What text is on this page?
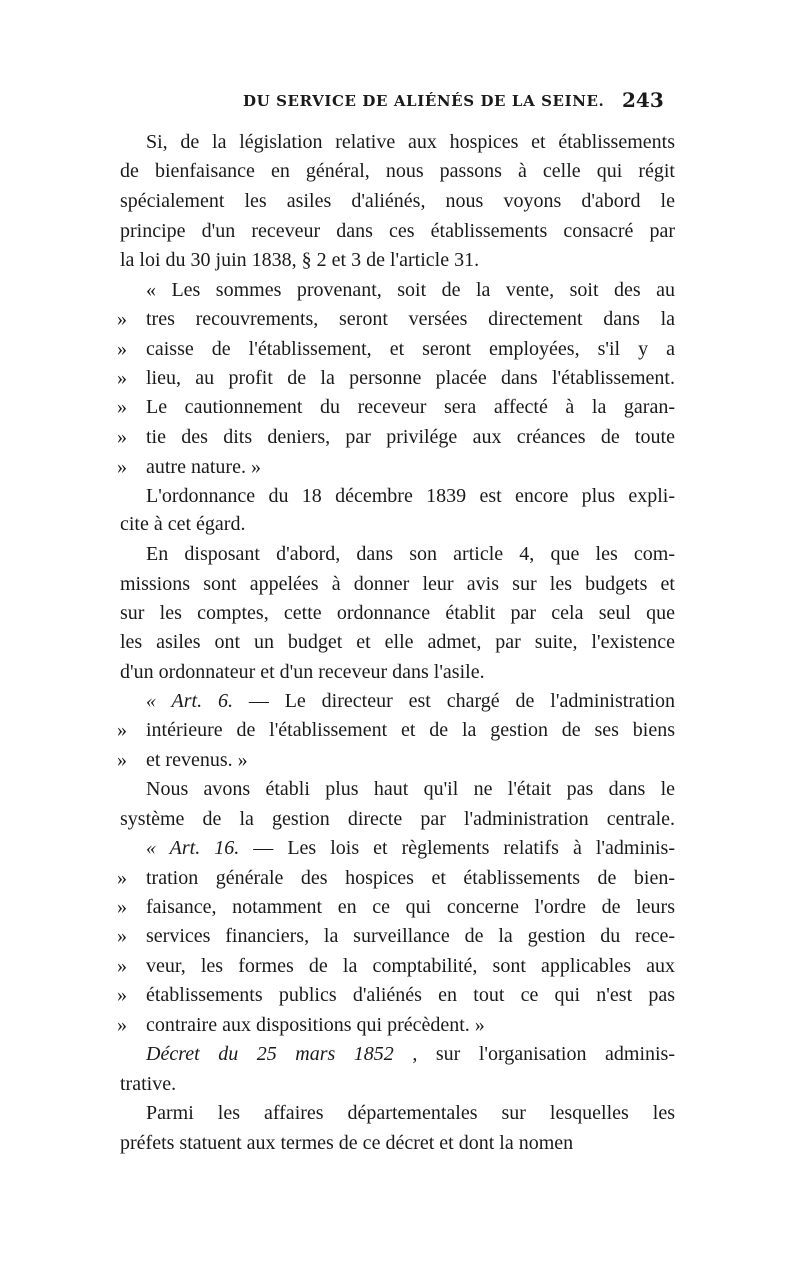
DU SERVICE DE ALIÉNÉS DE LA SEINE. 243
Si, de la législation relative aux hospices et établissements
de bienfaisance en général, nous passons à celle qui régit
spécialement les asiles d'aliénés, nous voyons d'abord le
principe d'un receveur dans ces établissements consacré par
la loi du 30 juin 1838, § 2 et 3 de l'article 31.
« Les sommes provenant, soit de la vente, soit des au
» tres recouvrements, seront versées directement dans la
» caisse de l'établissement, et seront employées, s'il y a
» lieu, au profit de la personne placée dans l'établissement.
» Le cautionnement du receveur sera affecté à la garan-
» tie des dits deniers, par privilége aux créances de toute
» autre nature. »
L'ordonnance du 18 décembre 1839 est encore plus expli-
cite à cet égard.
En disposant d'abord, dans son article 4, que les com-
missions sont appelées à donner leur avis sur les budgets et
sur les comptes, cette ordonnance établit par cela seul que
les asiles ont un budget et elle admet, par suite, l'existence
d'un ordonnateur et d'un receveur dans l'asile.
« Art. 6. — Le directeur est chargé de l'administration
» intérieure de l'établissement et de la gestion de ses biens
» et revenus. »
Nous avons établi plus haut qu'il ne l'était pas dans le
système de la gestion directe par l'administration centrale.
« Art. 16. — Les lois et règlements relatifs à l'adminis-
» tration générale des hospices et établissements de bien-
» faisance, notamment en ce qui concerne l'ordre de leurs
» services financiers, la surveillance de la gestion du rece-
» veur, les formes de la comptabilité, sont applicables aux
» établissements publics d'aliénés en tout ce qui n'est pas
» contraire aux dispositions qui précèdent. »
Décret du 25 mars 1852 , sur l'organisation adminis-
trative.
Parmi les affaires départementales sur lesquelles les
préfets statuent aux termes de ce décret et dont la nomen
